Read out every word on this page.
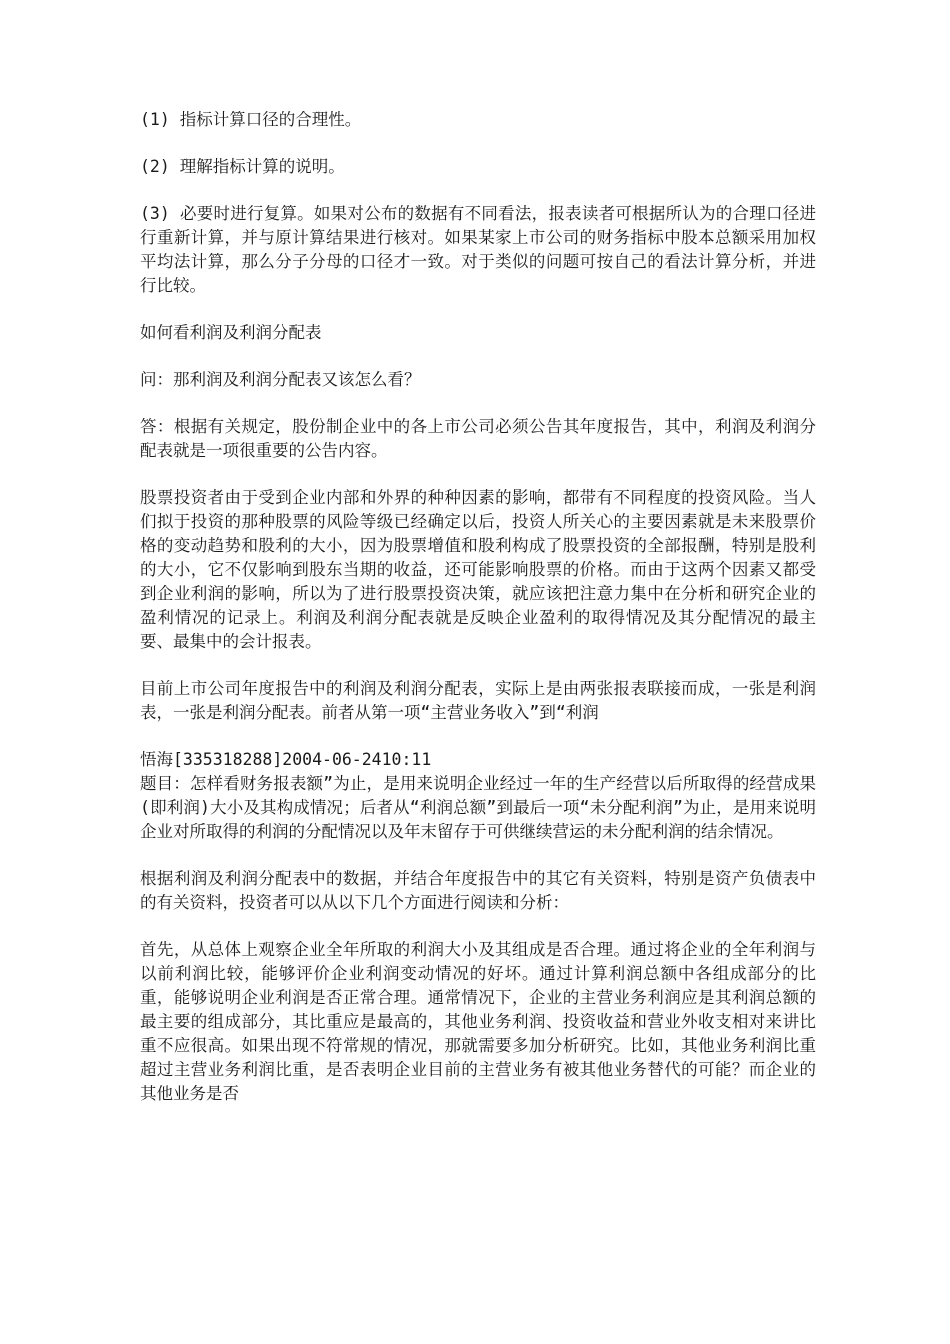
(1) 指标计算口径的合理性。

(2) 理解指标计算的说明。

(3) 必要时进行复算。如果对公布的数据有不同看法，报表读者可根据所认为的合理口径进行重新计算，并与原计算结果进行核对。如果某家上市公司的财务指标中股本总额采用加权平均法计算，那么分子分母的口径才一致。对于类似的问题可按自己的看法计算分析，并进行比较。

如何看利润及利润分配表

问：那利润及利润分配表又该怎么看？

答：根据有关规定，股份制企业中的各上市公司必须公告其年度报告，其中，利润及利润分配表就是一项很重要的公告内容。

股票投资者由于受到企业内部和外界的种种因素的影响，都带有不同程度的投资风险。当人们拟于投资的那种股票的风险等级已经确定以后，投资人所关心的主要因素就是未来股票价格的变动趋势和股利的大小，因为股票增值和股利构成了股票投资的全部报酬，特别是股利的大小，它不仅影响到股东当期的收益，还可能影响股票的价格。而由于这两个因素又都受到企业利润的影响，所以为了进行股票投资决策，就应该把注意力集中在分析和研究企业的盈利情况的记录上。利润及利润分配表就是反映企业盈利的取得情况及其分配情况的最主要、最集中的会计报表。

目前上市公司年度报告中的利润及利润分配表，实际上是由两张报表联接而成，一张是利润表，一张是利润分配表。前者从第一项“主营业务收入”到“利润

悟海[335318288]2004-06-2410:11

题目：怎样看财务报表额”为止，是用来说明企业经过一年的生产经营以后所取得的经营成果(即利润)大小及其构成情况；后者从“利润总额”到最后一项“未分配利润”为止，是用来说明企业对所取得的利润的分配情况以及年末留存于可供继续营运的未分配利润的结余情况。

根据利润及利润分配表中的数据，并结合年度报告中的其它有关资料，特别是资产负债表中的有关资料，投资者可以从以下几个方面进行阅读和分析：

首先，从总体上观察企业全年所取的利润大小及其组成是否合理。通过将企业的全年利润与以前利润比较，能够评价企业利润变动情况的好坏。通过计算利润总额中各组成部分的比重，能够说明企业利润是否正常合理。通常情况下，企业的主营业务利润应是其利润总额的最主要的组成部分，其比重应是最高的，其他业务利润、投资收益和营业外收支相对来讲比重不应很高。如果出现不符常规的情况，那就需要多加分析研究。比如，其他业务利润比重超过主营业务利润比重，是否表明企业目前的主营业务有被其他业务替代的可能？而企业的其他业务是否
